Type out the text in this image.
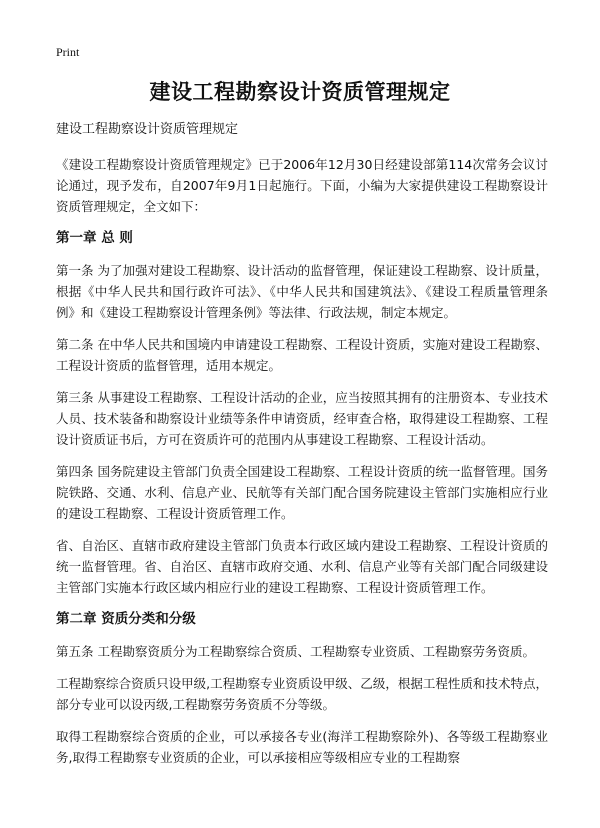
Print
建设工程勘察设计资质管理规定

建设工程勘察设计资质管理规定

《建设工程勘察设计资质管理规定》已于2006年12月30日经建设部第114次常务会议讨论通过，现予发布，自2007年9月1日起施行。下面，小编为大家提供建设工程勘察设计资质管理规定，全文如下：

第一章 总 则

第一条 为了加强对建设工程勘察、设计活动的监督管理，保证建设工程勘察、设计质量，根据《中华人民共和国行政许可法》、《中华人民共和国建筑法》、《建设工程质量管理条例》和《建设工程勘察设计管理条例》等法律、行政法规，制定本规定。

第二条 在中华人民共和国境内申请建设工程勘察、工程设计资质，实施对建设工程勘察、工程设计资质的监督管理，适用本规定。

第三条 从事建设工程勘察、工程设计活动的企业，应当按照其拥有的注册资本、专业技术人员、技术装备和勘察设计业绩等条件申请资质，经审查合格，取得建设工程勘察、工程设计资质证书后，方可在资质许可的范围内从事建设工程勘察、工程设计活动。

第四条 国务院建设主管部门负责全国建设工程勘察、工程设计资质的统一监督管理。国务院铁路、交通、水利、信息产业、民航等有关部门配合国务院建设主管部门实施相应行业的建设工程勘察、工程设计资质管理工作。

省、自治区、直辖市政府建设主管部门负责本行政区域内建设工程勘察、工程设计资质的统一监督管理。省、自治区、直辖市政府交通、水利、信息产业等有关部门配合同级建设主管部门实施本行政区域内相应行业的建设工程勘察、工程设计资质管理工作。

第二章 资质分类和分级

第五条 工程勘察资质分为工程勘察综合资质、工程勘察专业资质、工程勘察劳务资质。

工程勘察综合资质只设甲级,工程勘察专业资质设甲级、乙级，根据工程性质和技术特点，部分专业可以设丙级,工程勘察劳务资质不分等级。

取得工程勘察综合资质的企业，可以承接各专业(海洋工程勘察除外)、各等级工程勘察业务,取得工程勘察专业资质的企业，可以承接相应等级相应专业的工程勘察
